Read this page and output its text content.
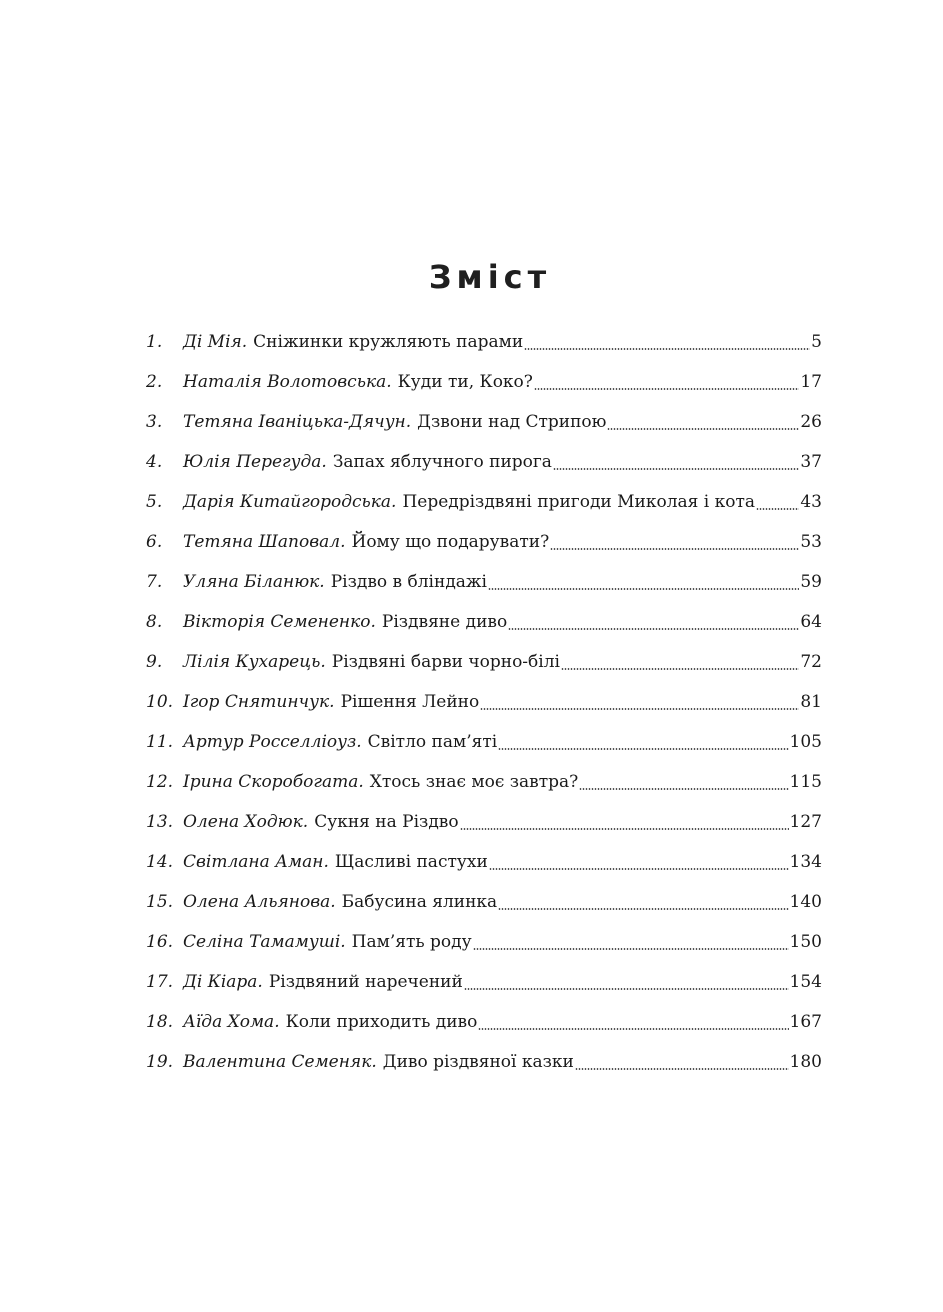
Зміст
1.	Ді Мія. Сніжинки кружляють парами	5
2.	Наталія Волотовська. Куди ти, Коко?	17
3.	Тетяна Іваніцька-Дячун. Дзвони над Стрипою	26
4.	Юлія Перегуда. Запах яблучного пирога	37
5.	Дарія Китайгородська. Передріздвяні пригоди Миколая і кота	43
6.	Тетяна Шаповал. Йому що подарувати?	53
7.	Уляна Біланюк. Різдво в бліндажі	59
8.	Вікторія Семененко. Різдвяне диво	64
9.	Лілія Кухарець. Різдвяні барви чорно-білі	72
10. Ігор Снятинчук. Рішення Лейно	81
11. Артур Росселліоуз. Світло пам’яті	105
12. Ірина Скоробогата. Хтось знає моє завтра?	115
13. Олена Ходюк. Сукня на Різдво	127
14. Світлана Аман. Щасливі пастухи	134
15. Олена Альянова. Бабусина ялинка	140
16. Селіна Тамамуші. Пам’ять роду	150
17. Ді Кіара. Різдвяний наречений	154
18. Аїда Хома. Коли приходить диво	167
19. Валентина Семеняк. Диво різдвяної казки	180
